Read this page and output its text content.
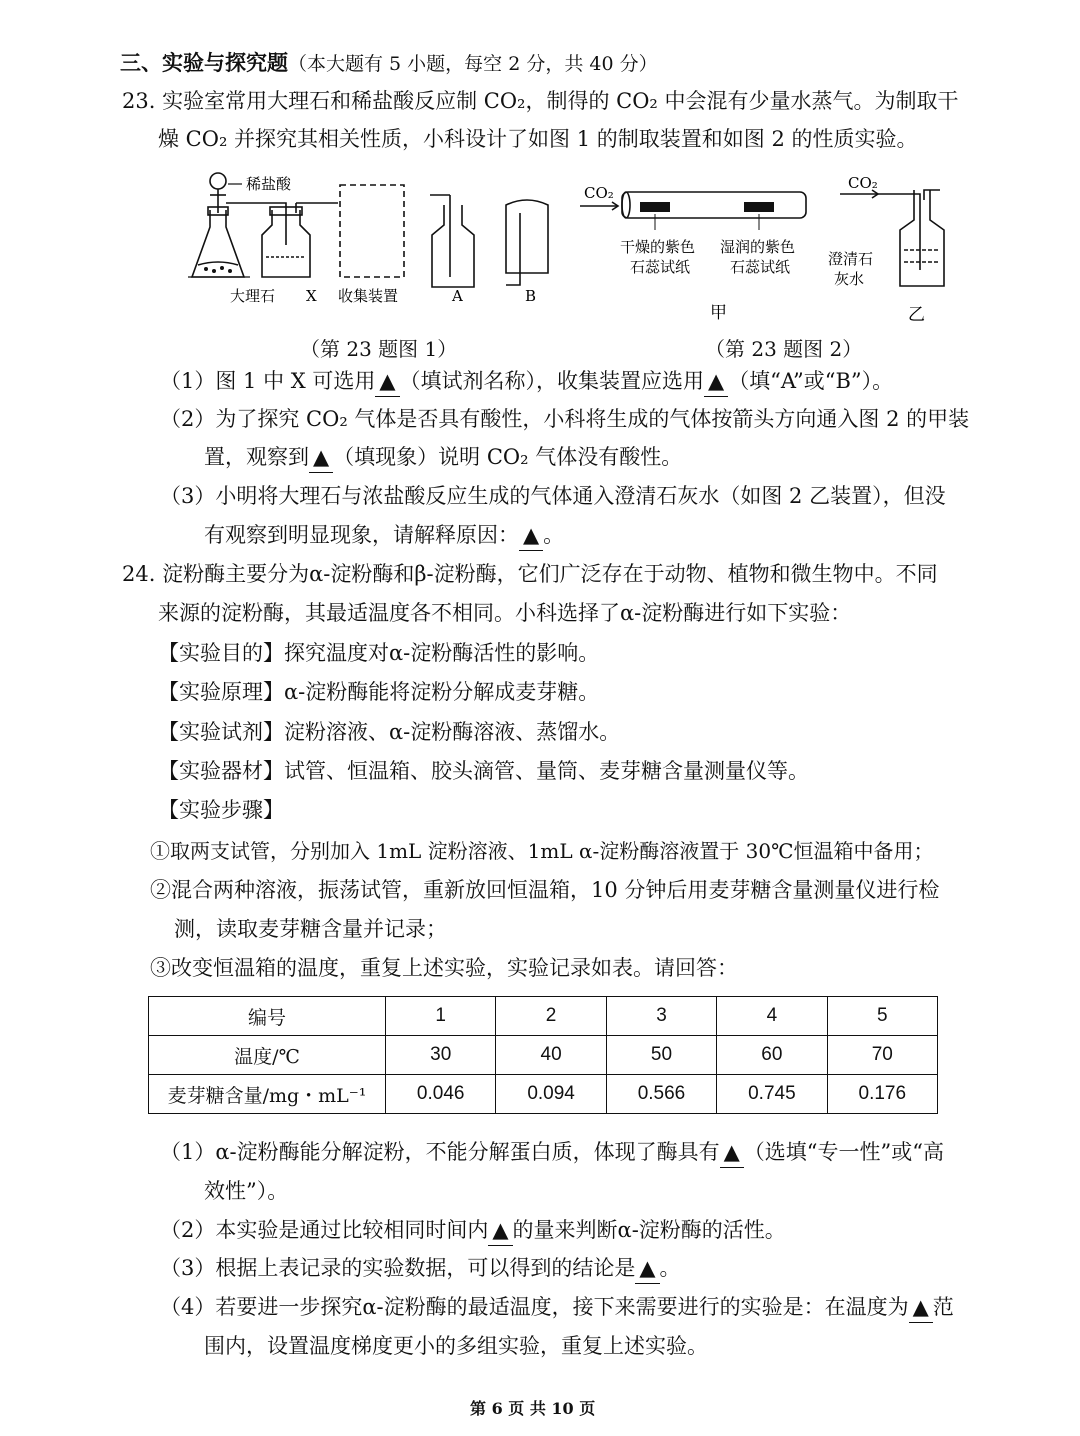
三、实验与探究题（本大题有 5 小题，每空 2 分，共 40 分）
23. 实验室常用大理石和稀盐酸反应制 CO₂，制得的 CO₂ 中会混有少量水蒸气。为制取干
燥 CO₂ 并探究其相关性质，小科设计了如图 1 的制取装置和如图 2 的性质实验。
稀盐酸
大理石 X 收集装置	A	B
（第 23 题图 1）
CO₂
CO₂
干燥的紫色
石蕊试纸
湿润的紫色
石蕊试纸	澄清石
灰水
甲	乙
（第 23 题图 2）
（1）图 1 中 X 可选用 ▲ （填试剂名称），收集装置应选用 ▲ （填“A”或“B”）。
（2）为了探究 CO₂ 气体是否具有酸性，小科将生成的气体按箭头方向通入图 2 的甲装
置，观察到 ▲ （填现象）说明 CO₂ 气体没有酸性。
（3）小明将大理石与浓盐酸反应生成的气体通入澄清石灰水（如图 2 乙装置），但没
有观察到明显现象，请解释原因： ▲ 。
24. 淀粉酶主要分为α-淀粉酶和β-淀粉酶，它们广泛存在于动物、植物和微生物中。不同
来源的淀粉酶，其最适温度各不相同。小科选择了α-淀粉酶进行如下实验：
【实验目的】探究温度对α-淀粉酶活性的影响。
【实验原理】α-淀粉酶能将淀粉分解成麦芽糖。
【实验试剂】淀粉溶液、α-淀粉酶溶液、蒸馏水。
【实验器材】试管、恒温箱、胶头滴管、量筒、麦芽糖含量测量仪等。
【实验步骤】
①取两支试管，分别加入 1mL 淀粉溶液、1mL α-淀粉酶溶液置于 30℃恒温箱中备用；
②混合两种溶液，振荡试管，重新放回恒温箱，10 分钟后用麦芽糖含量测量仪进行检
测，读取麦芽糖含量并记录；
③改变恒温箱的温度，重复上述实验，实验记录如表。请回答：
编号	1	2	3	4	5
温度/℃	30	40	50	60	70
麦芽糖含量/mg・mL⁻¹	0.046	0.094	0.566	0.745	0.176
（1）α-淀粉酶能分解淀粉，不能分解蛋白质，体现了酶具有 ▲ （选填“专一性”或“高
效性”）。
（2）本实验是通过比较相同时间内 ▲ 的量来判断α-淀粉酶的活性。
（3）根据上表记录的实验数据，可以得到的结论是 ▲ 。
（4）若要进一步探究α-淀粉酶的最适温度，接下来需要进行的实验是：在温度为 ▲ 范
围内，设置温度梯度更小的多组实验，重复上述实验。
第 6 页 共 10 页
